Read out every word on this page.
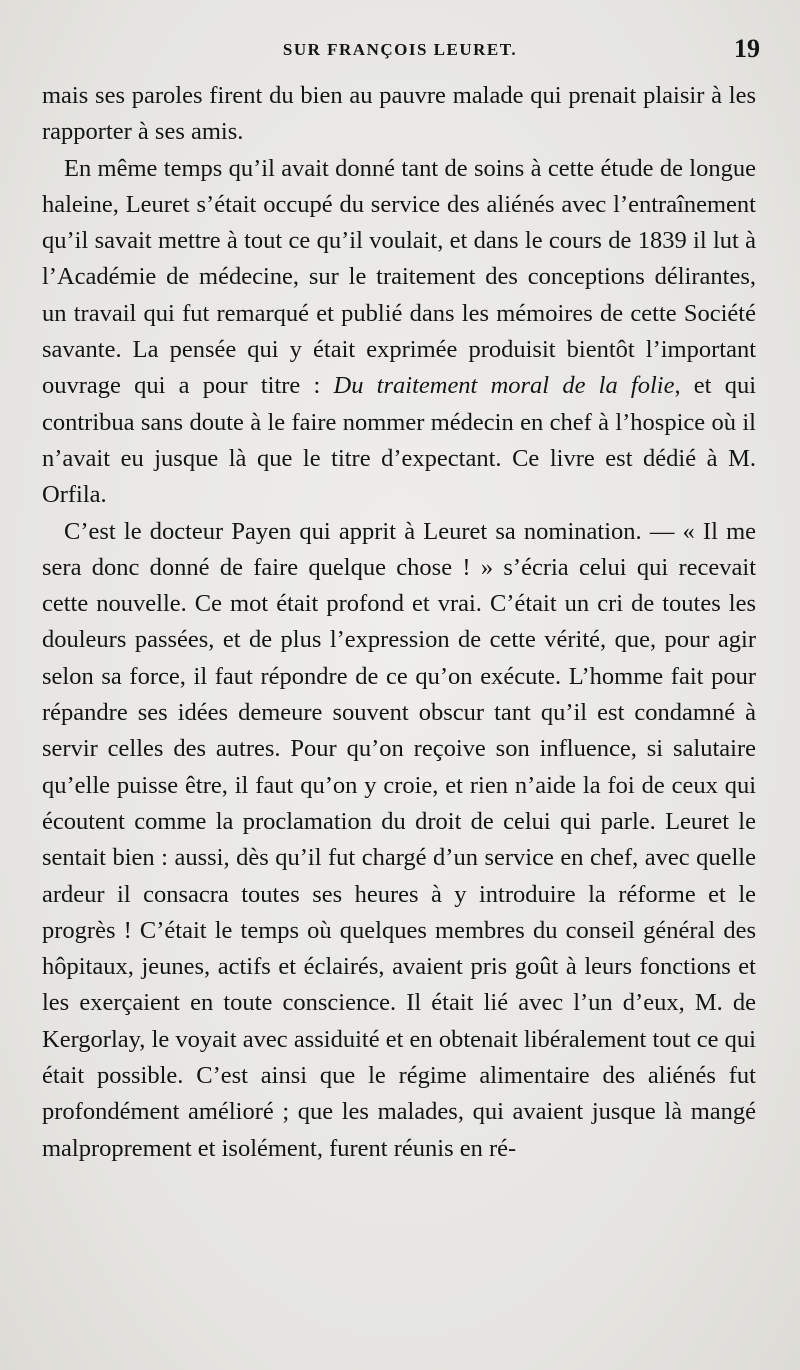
SUR FRANÇOIS LEURET.	19

mais ses paroles firent du bien au pauvre malade qui prenait plaisir à les rapporter à ses amis.

En même temps qu’il avait donné tant de soins à cette étude de longue haleine, Leuret s’était occupé du service des aliénés avec l’entraînement qu’il savait mettre à tout ce qu’il voulait, et dans le cours de 1839 il lut à l’Académie de médecine, sur le traitement des conceptions délirantes, un travail qui fut remarqué et publié dans les mémoires de cette Société savante. La pensée qui y était exprimée produisit bientôt l’important ouvrage qui a pour titre : Du traitement moral de la folie, et qui contribua sans doute à le faire nommer médecin en chef à l’hospice où il n’avait eu jusque là que le titre d’expectant. Ce livre est dédié à M. Orfila.

C’est le docteur Payen qui apprit à Leuret sa nomination. — « Il me sera donc donné de faire quelque chose ! » s’écria celui qui recevait cette nouvelle. Ce mot était profond et vrai. C’était un cri de toutes les douleurs passées, et de plus l’expression de cette vérité, que, pour agir selon sa force, il faut répondre de ce qu’on exécute. L’homme fait pour répandre ses idées demeure souvent obscur tant qu’il est condamné à servir celles des autres. Pour qu’on reçoive son influence, si salutaire qu’elle puisse être, il faut qu’on y croie, et rien n’aide la foi de ceux qui écoutent comme la proclamation du droit de celui qui parle. Leuret le sentait bien : aussi, dès qu’il fut chargé d’un service en chef, avec quelle ardeur il consacra toutes ses heures à y introduire la réforme et le progrès ! C’était le temps où quelques membres du conseil général des hôpitaux, jeunes, actifs et éclairés, avaient pris goût à leurs fonctions et les exerçaient en toute conscience. Il était lié avec l’un d’eux, M. de Kergorlay, le voyait avec assiduité et en obtenait libéralement tout ce qui était possible. C’est ainsi que le régime alimentaire des aliénés fut profondément amélioré ; que les malades, qui avaient jusque là mangé malproprement et isolément, furent réunis en ré-
